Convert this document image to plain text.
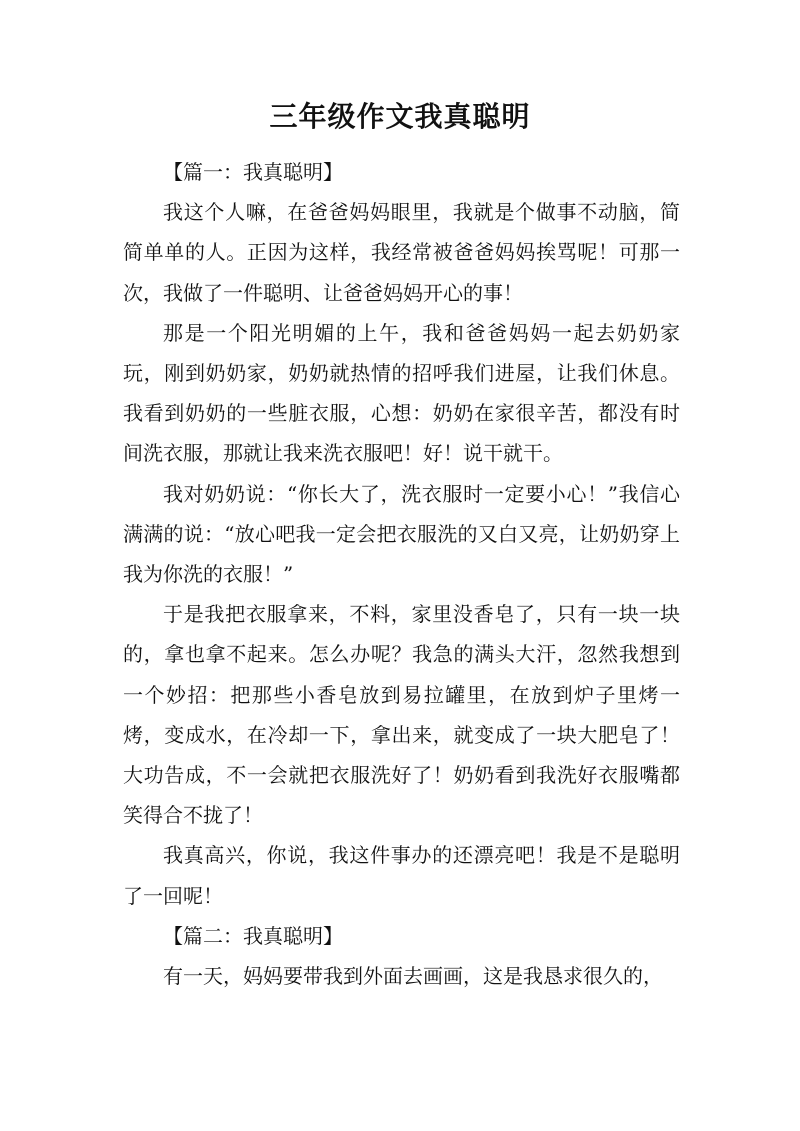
三年级作文我真聪明

【篇一：我真聪明】

我这个人嘛，在爸爸妈妈眼里，我就是个做事不动脑，简简单单的人。正因为这样，我经常被爸爸妈妈挨骂呢！可那一次，我做了一件聪明、让爸爸妈妈开心的事！

那是一个阳光明媚的上午，我和爸爸妈妈一起去奶奶家玩，刚到奶奶家，奶奶就热情的招呼我们进屋，让我们休息。我看到奶奶的一些脏衣服，心想：奶奶在家很辛苦，都没有时间洗衣服，那就让我来洗衣服吧！好！说干就干。

我对奶奶说：“你长大了，洗衣服时一定要小心！”我信心满满的说：“放心吧我一定会把衣服洗的又白又亮，让奶奶穿上我为你洗的衣服！”

于是我把衣服拿来，不料，家里没香皂了，只有一块一块的，拿也拿不起来。怎么办呢？我急的满头大汗，忽然我想到一个妙招：把那些小香皂放到易拉罐里，在放到炉子里烤一烤，变成水，在冷却一下，拿出来，就变成了一块大肥皂了！大功告成，不一会就把衣服洗好了！奶奶看到我洗好衣服嘴都笑得合不拢了！

我真高兴，你说，我这件事办的还漂亮吧！我是不是聪明了一回呢！

【篇二：我真聪明】

有一天，妈妈要带我到外面去画画，这是我恳求很久的，
